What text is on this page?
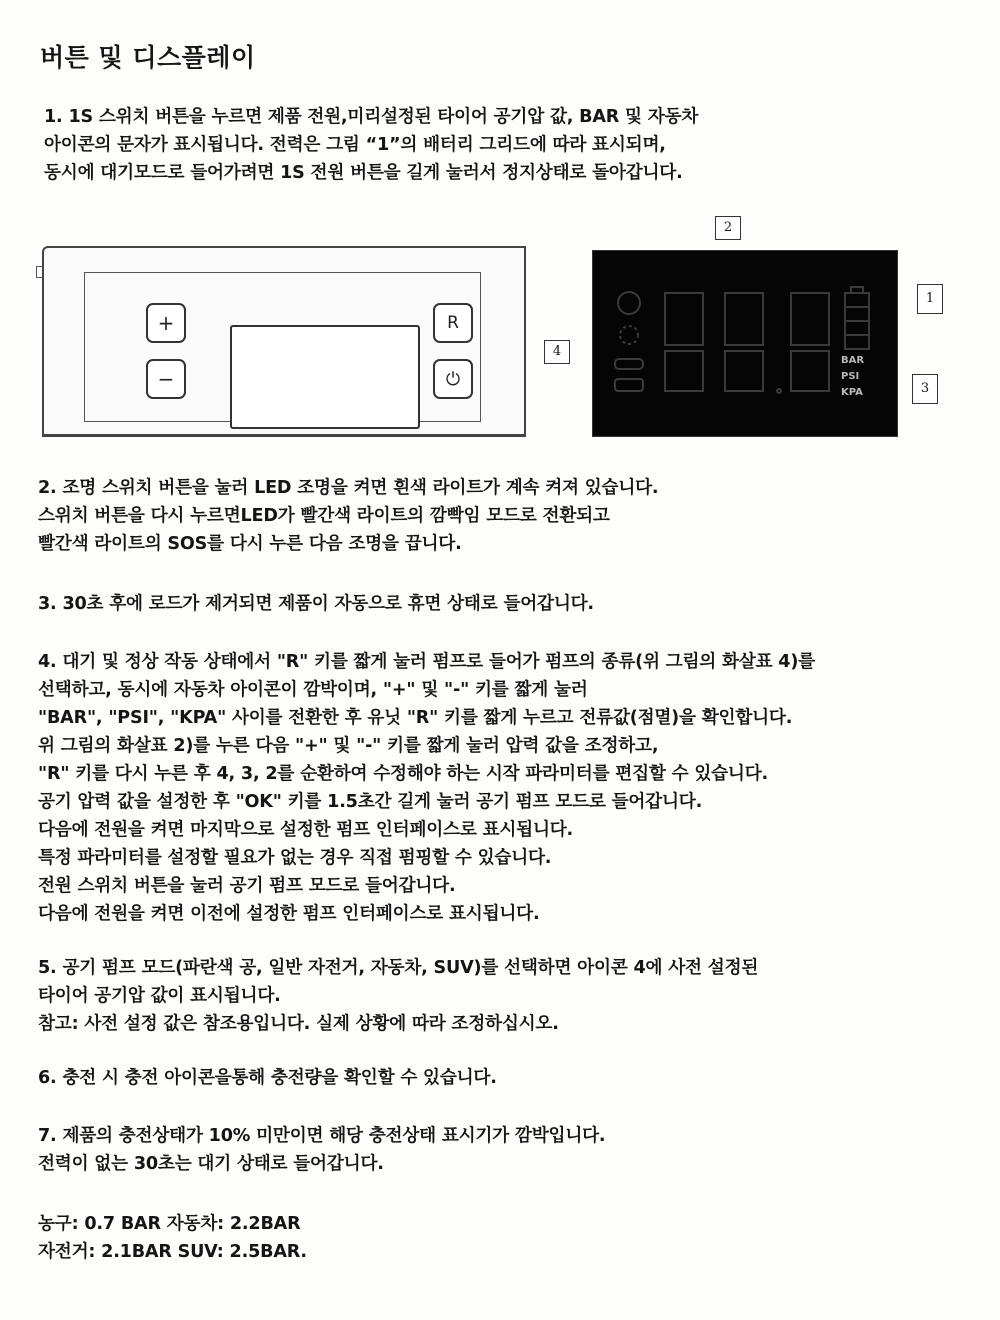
버튼 및 디스플레이
1. 1S 스위치 버튼을 누르면 제품 전원,미리설정된 타이어 공기압 값, BAR 및 자동차
아이콘의 문자가 표시됩니다. 전력은 그림 “1”의 배터리 그리드에 따라 표시되며,
동시에 대기모드로 들어가려면 1S 전원 버튼을 길게 눌러서 정지상태로 돌아갑니다.
+
−
R
⏻
4
2
1
3
BAR
PSI
KPA
2. 조명 스위치 버튼을 눌러 LED 조명을 켜면 흰색 라이트가 계속 켜져 있습니다.
스위치 버튼을 다시 누르면LED가 빨간색 라이트의 깜빡임 모드로 전환되고
빨간색 라이트의 SOS를 다시 누른 다음 조명을 끕니다.
3. 30초 후에 로드가 제거되면 제품이 자동으로 휴면 상태로 들어갑니다.
4. 대기 및 정상 작동 상태에서 "R" 키를 짧게 눌러 펌프로 들어가 펌프의 종류(위 그림의 화살표 4)를
선택하고, 동시에 자동차 아이콘이 깜박이며, "+" 및 "-" 키를 짧게 눌러
"BAR", "PSI", "KPA" 사이를 전환한 후 유닛 "R" 키를 짧게 누르고 전류값(점멸)을 확인합니다.
위 그림의 화살표 2)를 누른 다음 "+" 및 "-" 키를 짧게 눌러 압력 값을 조정하고,
"R" 키를 다시 누른 후 4, 3, 2를 순환하여 수정해야 하는 시작 파라미터를 편집할 수 있습니다.
공기 압력 값을 설정한 후 "OK" 키를 1.5초간 길게 눌러 공기 펌프 모드로 들어갑니다.
다음에 전원을 켜면 마지막으로 설정한 펌프 인터페이스로 표시됩니다.
특정 파라미터를 설정할 필요가 없는 경우 직접 펌핑할 수 있습니다.
전원 스위치 버튼을 눌러 공기 펌프 모드로 들어갑니다.
다음에 전원을 켜면 이전에 설정한 펌프 인터페이스로 표시됩니다.
5. 공기 펌프 모드(파란색 공, 일반 자전거, 자동차, SUV)를 선택하면 아이콘 4에 사전 설정된
타이어 공기압 값이 표시됩니다.
참고: 사전 설정 값은 참조용입니다. 실제 상황에 따라 조정하십시오.
6. 충전 시 충전 아이콘을통해 충전량을 확인할 수 있습니다.
7. 제품의 충전상태가 10% 미만이면 해당 충전상태 표시기가 깜박입니다.
전력이 없는 30초는 대기 상태로 들어갑니다.
농구: 0.7 BAR 자동차: 2.2BAR
자전거: 2.1BAR SUV: 2.5BAR.
